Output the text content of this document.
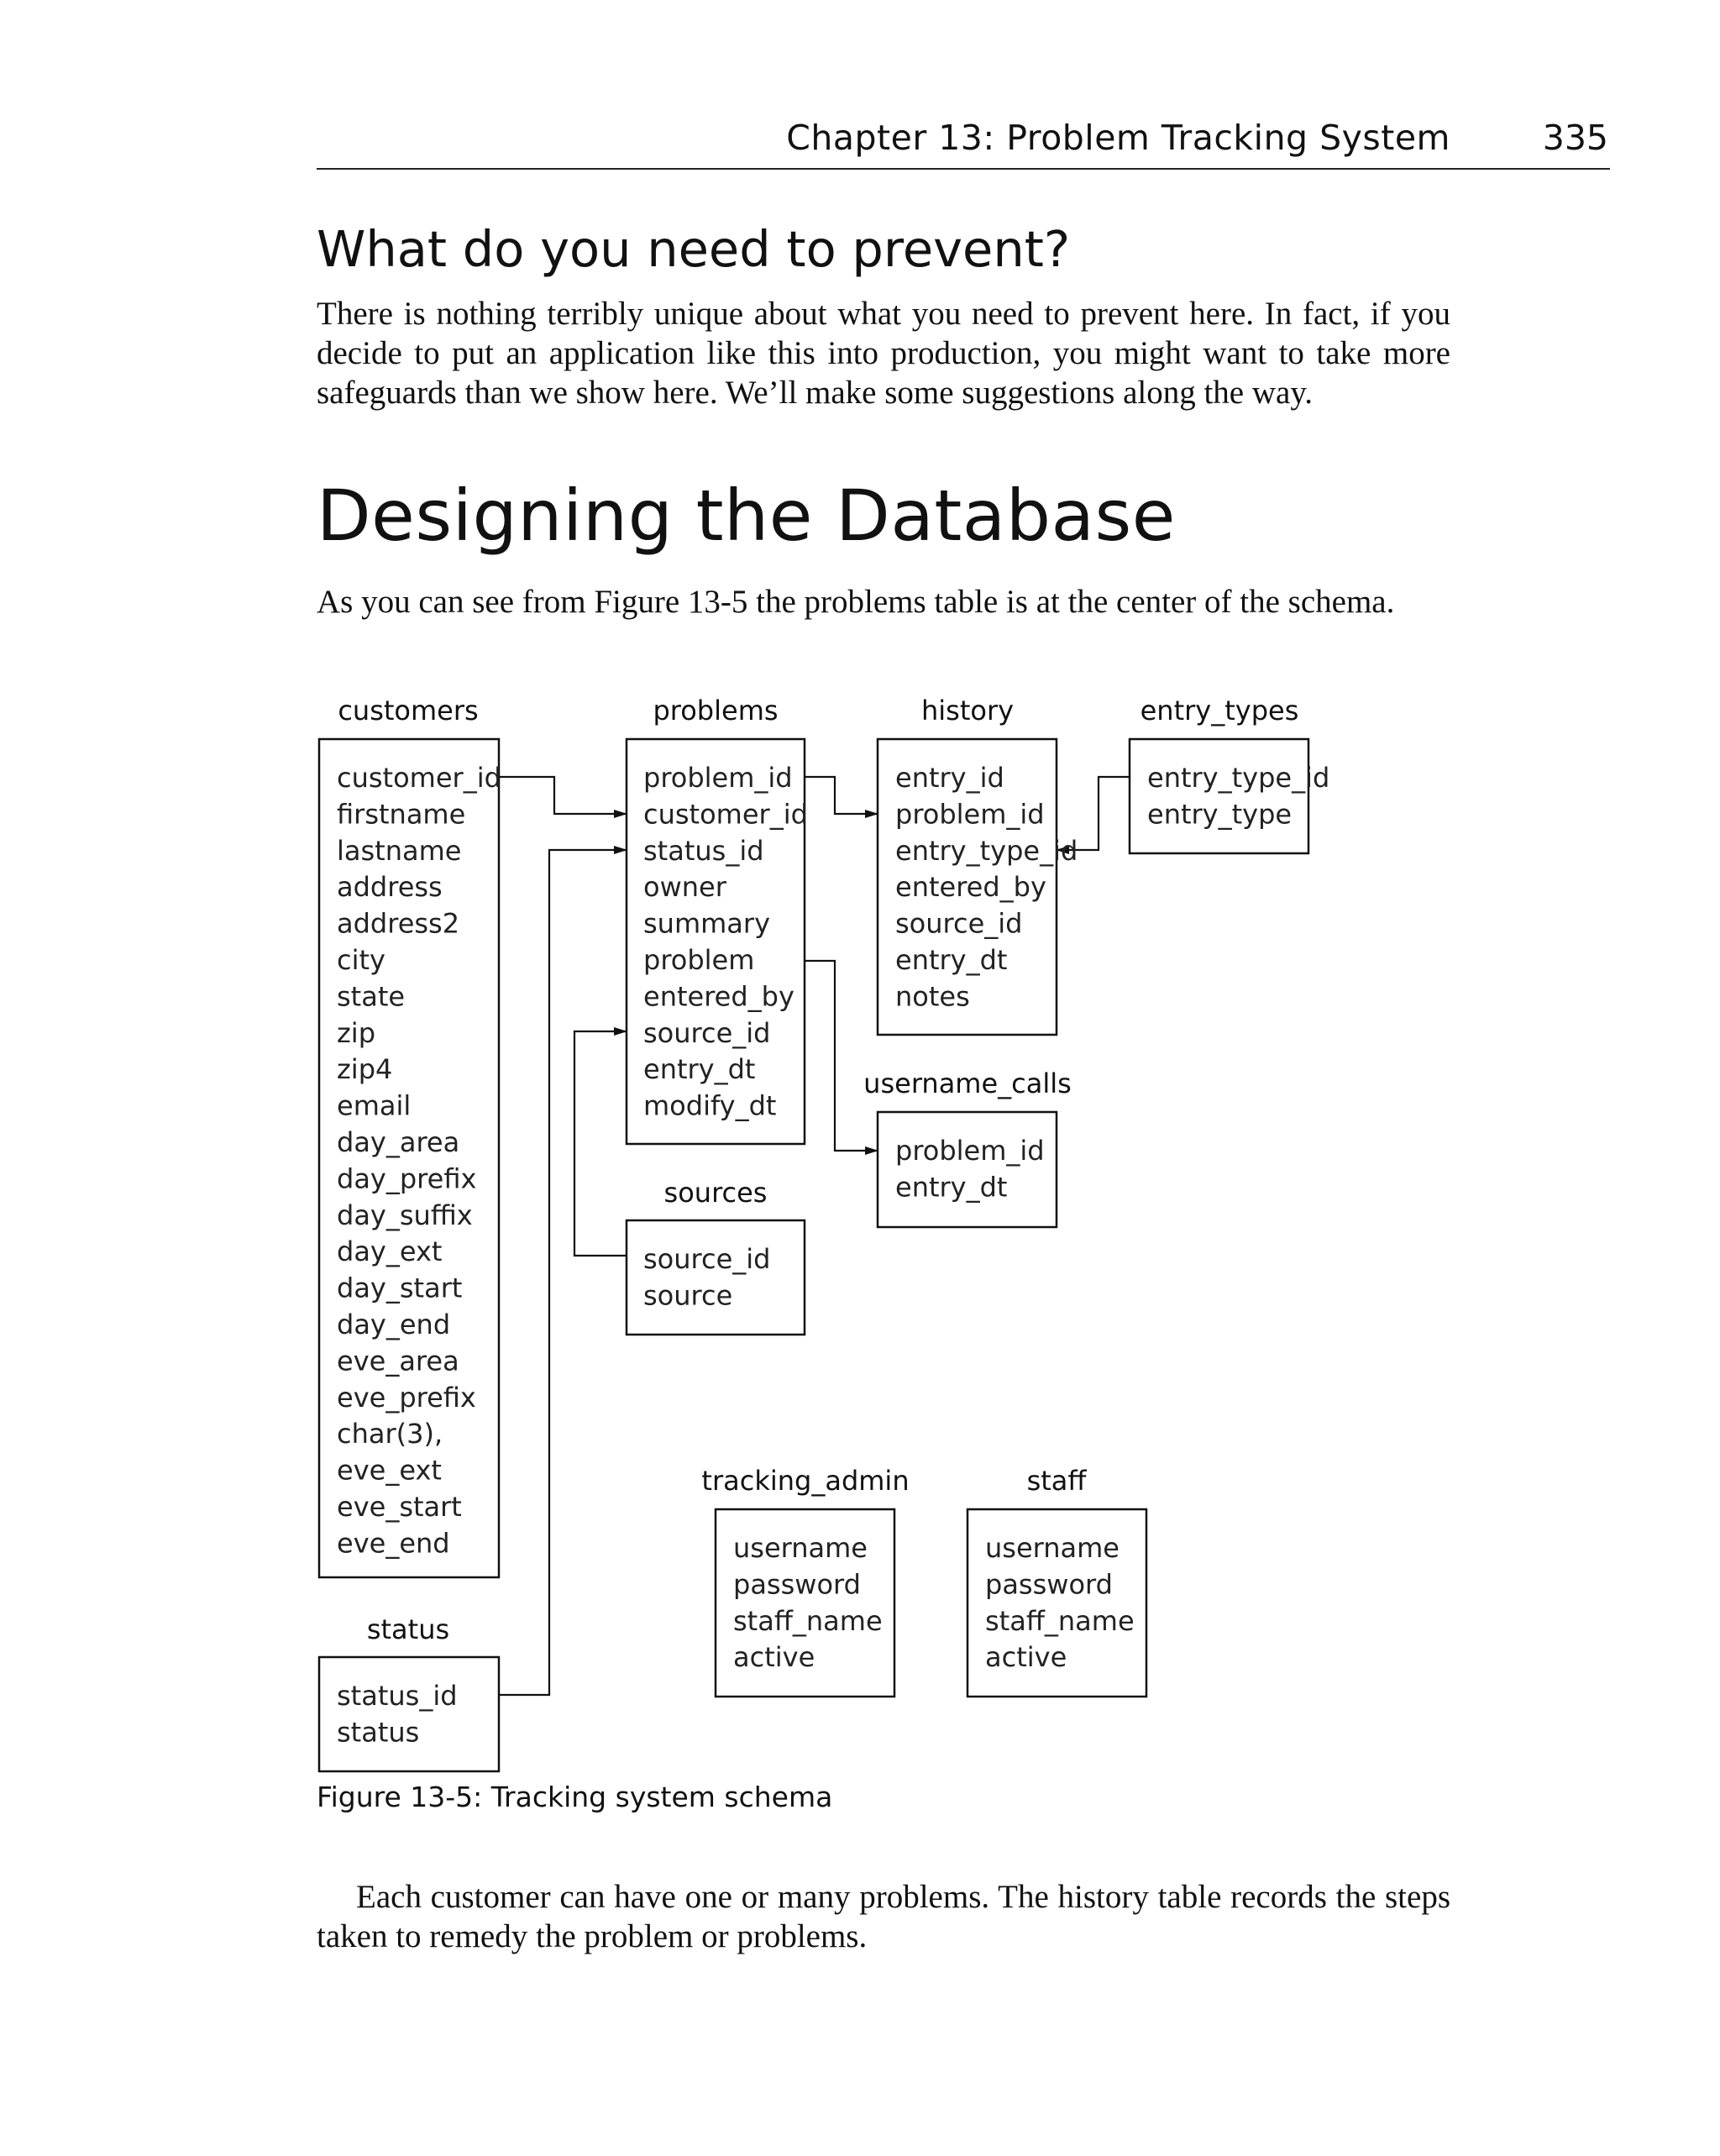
Chapter 13: Problem Tracking System	335
What do you need to prevent?

There is nothing terribly unique about what you need to prevent here. In fact, if you decide to put an application like this into production, you might want to take more safeguards than we show here. We’ll make some suggestions along the way.

Designing the Database

As you can see from Figure 13-5 the problems table is at the center of the schema.

customers
customer_id
firstname
lastname
address
address2
city
state
zip
zip4
email
day_area
day_prefix
day_suffix
day_ext
day_start
day_end
eve_area
eve_prefix
char(3),
eve_ext
eve_start
eve_end
status
status_id
status
problems
problem_id
customer_id
status_id
owner
summary
problem
entered_by
source_id
entry_dt
modify_dt
sources
source_id
source
history
entry_id
problem_id
entry_type_id
entered_by
source_id
entry_dt
notes
username_calls
problem_id
entry_dt
entry_types
entry_type_id
entry_type
tracking_admin
username
password
staff_name
active
staff
username
password
staff_name
active
Figure 13-5: Tracking system schema

Each customer can have one or many problems. The history table records the steps taken to remedy the problem or problems.
